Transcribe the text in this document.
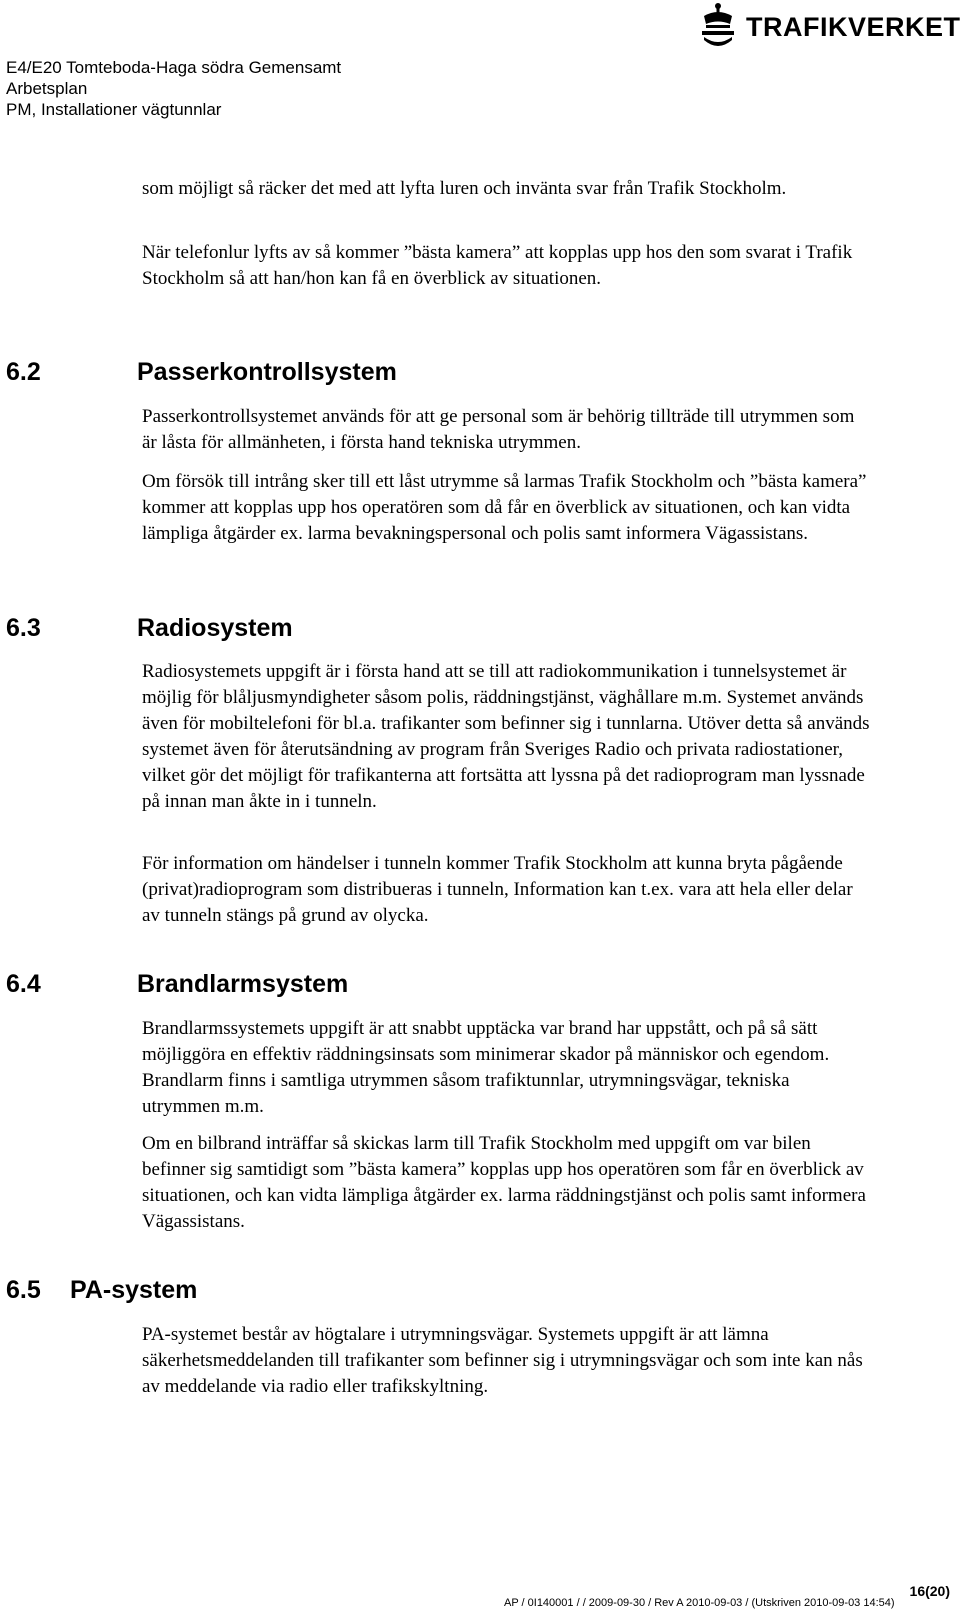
E4/E20 Tomteboda-Haga södra Gemensamt
Arbetsplan
PM, Installationer vägtunnlar
TRAFIKVERKET
som möjligt så räcker det med att lyfta luren och invänta svar från Trafik Stockholm.
När telefonlur lyfts av så kommer ”bästa kamera” att kopplas upp hos den som svarat i Trafik Stockholm så att han/hon kan få en överblick av situationen.
6.2	Passerkontrollsystem
Passerkontrollsystemet används för att ge personal som är behörig tillträde till utrymmen som är låsta för allmänheten, i första hand tekniska utrymmen.
Om försök till intrång sker till ett låst utrymme så larmas Trafik Stockholm och ”bästa kamera” kommer att kopplas upp hos operatören som då får en överblick av situationen, och kan vidta lämpliga åtgärder ex. larma bevakningspersonal och polis samt informera Vägassistans.
6.3	Radiosystem
Radiosystemets uppgift är i första hand att se till att radiokommunikation i tunnelsystemet är möjlig för blåljusmyndigheter såsom polis, räddningstjänst, väghållare m.m. Systemet används även för mobiltelefoni för bl.a. trafikanter som befinner sig i tunnlarna. Utöver detta så används systemet även för återutsändning av program från Sveriges Radio och privata radiostationer, vilket gör det möjligt för trafikanterna att fortsätta att lyssna på det radioprogram man lyssnade på innan man åkte in i tunneln.
För information om händelser i tunneln kommer Trafik Stockholm att kunna bryta pågående (privat)radioprogram som distribueras i tunneln, Information kan t.ex. vara att hela eller delar av tunneln stängs på grund av olycka.
6.4	Brandlarmsystem
Brandlarmssystemets uppgift är att snabbt upptäcka var brand har uppstått, och på så sätt möjliggöra en effektiv räddningsinsats som minimerar skador på människor och egendom. Brandlarm finns i samtliga utrymmen såsom trafiktunnlar, utrymningsvägar, tekniska utrymmen m.m.
Om en bilbrand inträffar så skickas larm till Trafik Stockholm med uppgift om var bilen befinner sig samtidigt som ”bästa kamera” kopplas upp hos operatören som får en överblick av situationen, och kan vidta lämpliga åtgärder ex. larma räddningstjänst och polis samt informera Vägassistans.
6.5 PA-system
PA-systemet består av högtalare i utrymningsvägar. Systemets uppgift är att lämna säkerhetsmeddelanden till trafikanter som befinner sig i utrymningsvägar och som inte kan nås av meddelande via radio eller trafikskyltning.
16(20)
AP / 0I140001 / / 2009-09-30 / Rev A 2010-09-03 / (Utskriven 2010-09-03 14:54)
